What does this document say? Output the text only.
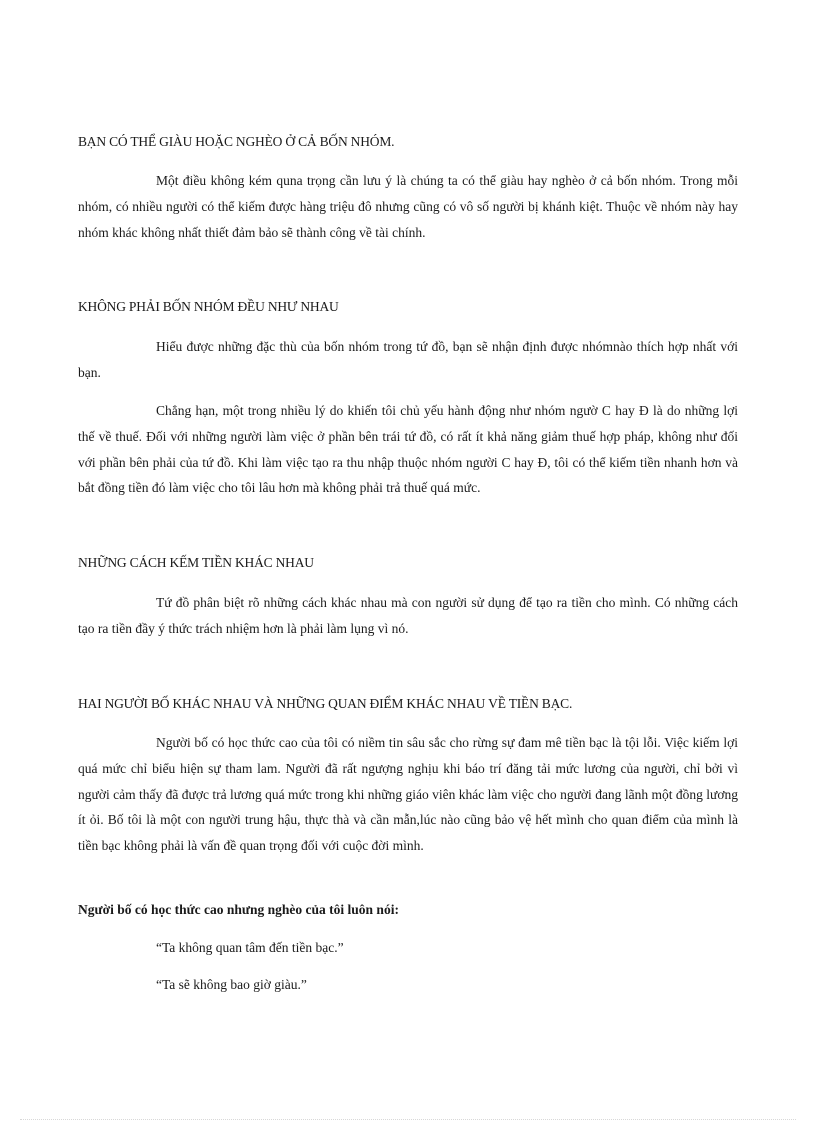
BẠN CÓ THỂ GIÀU HOẶC NGHÈO Ở CẢ BỐN NHÓM.

Một điều không kém quna trọng cần lưu ý là chúng ta có thể giàu hay nghèo ở cả bốn nhóm. Trong mỗi nhóm, có nhiều người có thể kiếm được hàng triệu đô nhưng cũng có vô số người bị khánh kiệt. Thuộc về nhóm này hay nhóm khác không nhất thiết đảm bảo sẽ thành công về tài chính.

KHÔNG PHẢI BỐN NHÓM ĐỀU NHƯ NHAU

Hiểu được những đặc thù của bốn nhóm trong tứ đồ, bạn sẽ nhận định được nhómnào thích hợp nhất với bạn.

Chẳng hạn, một trong nhiều lý do khiến tôi chủ yếu hành động như nhóm ngườ C hay Đ là do những lợi thế về thuế. Đối với những người làm việc ở phần bên trái tứ đồ, có rất ít khả năng giảm thuế hợp pháp, không như đối với phần bên phải của tứ đồ. Khi làm việc tạo ra thu nhập thuộc nhóm người C hay Đ, tôi có thể kiếm tiền nhanh hơn và bắt đồng tiền đó làm việc cho tôi lâu hơn mà không phải trả thuế quá mức.

NHỮNG CÁCH KẾM TIỀN KHÁC NHAU

Tứ đồ phân biệt rõ những cách khác nhau mà con người sử dụng để tạo ra tiền cho mình. Có những cách tạo ra tiền đầy ý thức trách nhiệm hơn là phải làm lụng vì nó.

HAI NGƯỜI BỐ KHÁC NHAU VÀ NHỮNG QUAN ĐIỂM KHÁC NHAU VỀ TIỀN BẠC.

Người bố có học thức cao của tôi có niềm tin sâu sắc cho rừng sự đam mê tiền bạc là tội lỗi. Việc kiếm lợi quá mức chỉ biểu hiện sự tham lam. Người đã rất ngượng nghịu khi báo trí đăng tải mức lương của người, chỉ bởi vì người cảm thấy đã được trả lương quá mức trong khi những giáo viên khác làm việc cho người đang lãnh một đồng lương ít ỏi. Bố tôi là một con người trung hậu, thực thà và cần mẫn,lúc nào cũng bảo vệ hết mình cho quan điểm của mình là tiền bạc không phải là vấn đề quan trọng đối với cuộc đời mình.

Người bố có học thức cao nhưng nghèo của tôi luôn nói:

“Ta không quan tâm đến tiền bạc.”

“Ta sẽ không bao giờ giàu.”
